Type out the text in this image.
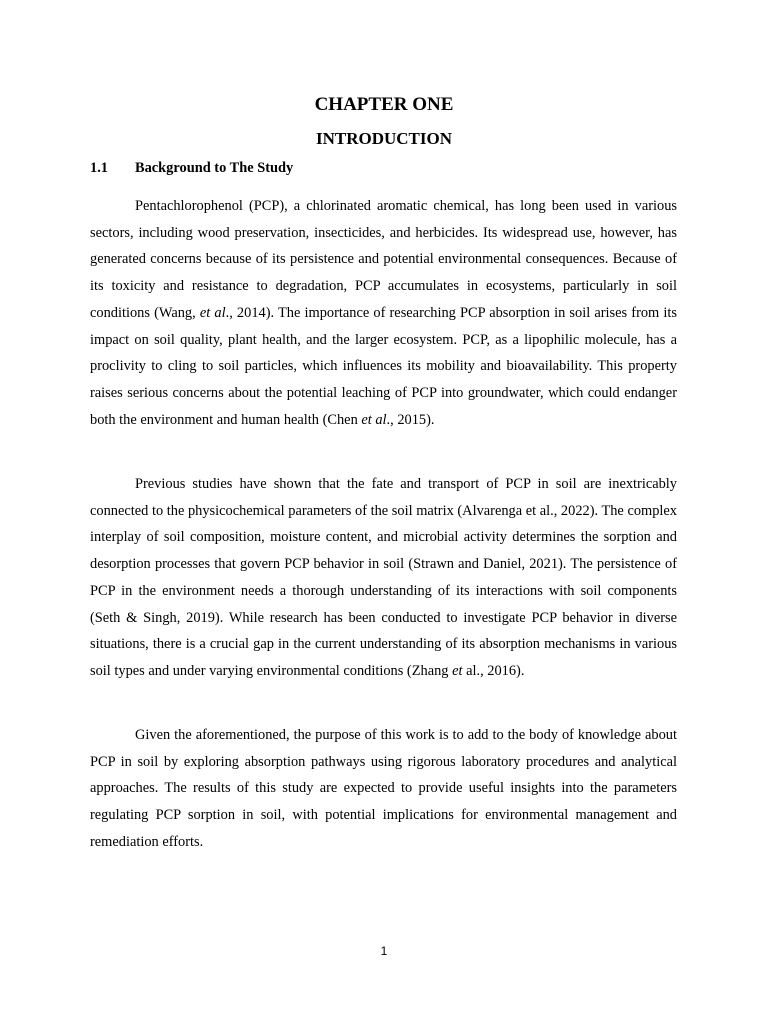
CHAPTER ONE
INTRODUCTION
1.1 Background to The Study

Pentachlorophenol (PCP), a chlorinated aromatic chemical, has long been used in various sectors, including wood preservation, insecticides, and herbicides. Its widespread use, however, has generated concerns because of its persistence and potential environmental consequences. Because of its toxicity and resistance to degradation, PCP accumulates in ecosystems, particularly in soil conditions (Wang, et al., 2014). The importance of researching PCP absorption in soil arises from its impact on soil quality, plant health, and the larger ecosystem. PCP, as a lipophilic molecule, has a proclivity to cling to soil particles, which influences its mobility and bioavailability. This property raises serious concerns about the potential leaching of PCP into groundwater, which could endanger both the environment and human health (Chen et al., 2015).

Previous studies have shown that the fate and transport of PCP in soil are inextricably connected to the physicochemical parameters of the soil matrix (Alvarenga et al., 2022). The complex interplay of soil composition, moisture content, and microbial activity determines the sorption and desorption processes that govern PCP behavior in soil (Strawn and Daniel, 2021). The persistence of PCP in the environment needs a thorough understanding of its interactions with soil components (Seth & Singh, 2019). While research has been conducted to investigate PCP behavior in diverse situations, there is a crucial gap in the current understanding of its absorption mechanisms in various soil types and under varying environmental conditions (Zhang et al., 2016).

Given the aforementioned, the purpose of this work is to add to the body of knowledge about PCP in soil by exploring absorption pathways using rigorous laboratory procedures and analytical approaches. The results of this study are expected to provide useful insights into the parameters regulating PCP sorption in soil, with potential implications for environmental management and remediation efforts.

1
